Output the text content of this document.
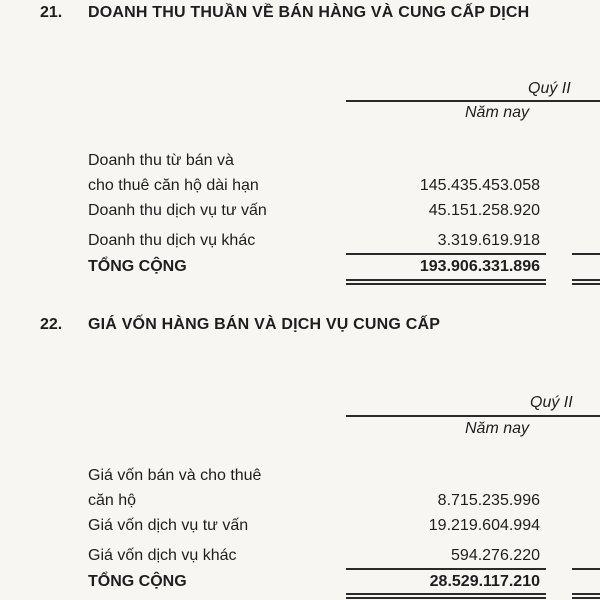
21. DOANH THU THUẦN VỀ BÁN HÀNG VÀ CUNG CẤP DỊCH
Quý II
Năm nay
Doanh thu từ bán và
cho thuê căn hộ dài hạn	145.435.453.058
Doanh thu dịch vụ tư vấn	45.151.258.920
Doanh thu dịch vụ khác	3.319.619.918
TỔNG CỘNG	193.906.331.896
22. GIÁ VỐN HÀNG BÁN VÀ DỊCH VỤ CUNG CẤP
Quý II
Năm nay
Giá vốn bán và cho thuê
căn hộ	8.715.235.996
Giá vốn dịch vụ tư vấn	19.219.604.994
Giá vốn dịch vụ khác	594.276.220
TỔNG CỘNG	28.529.117.210
